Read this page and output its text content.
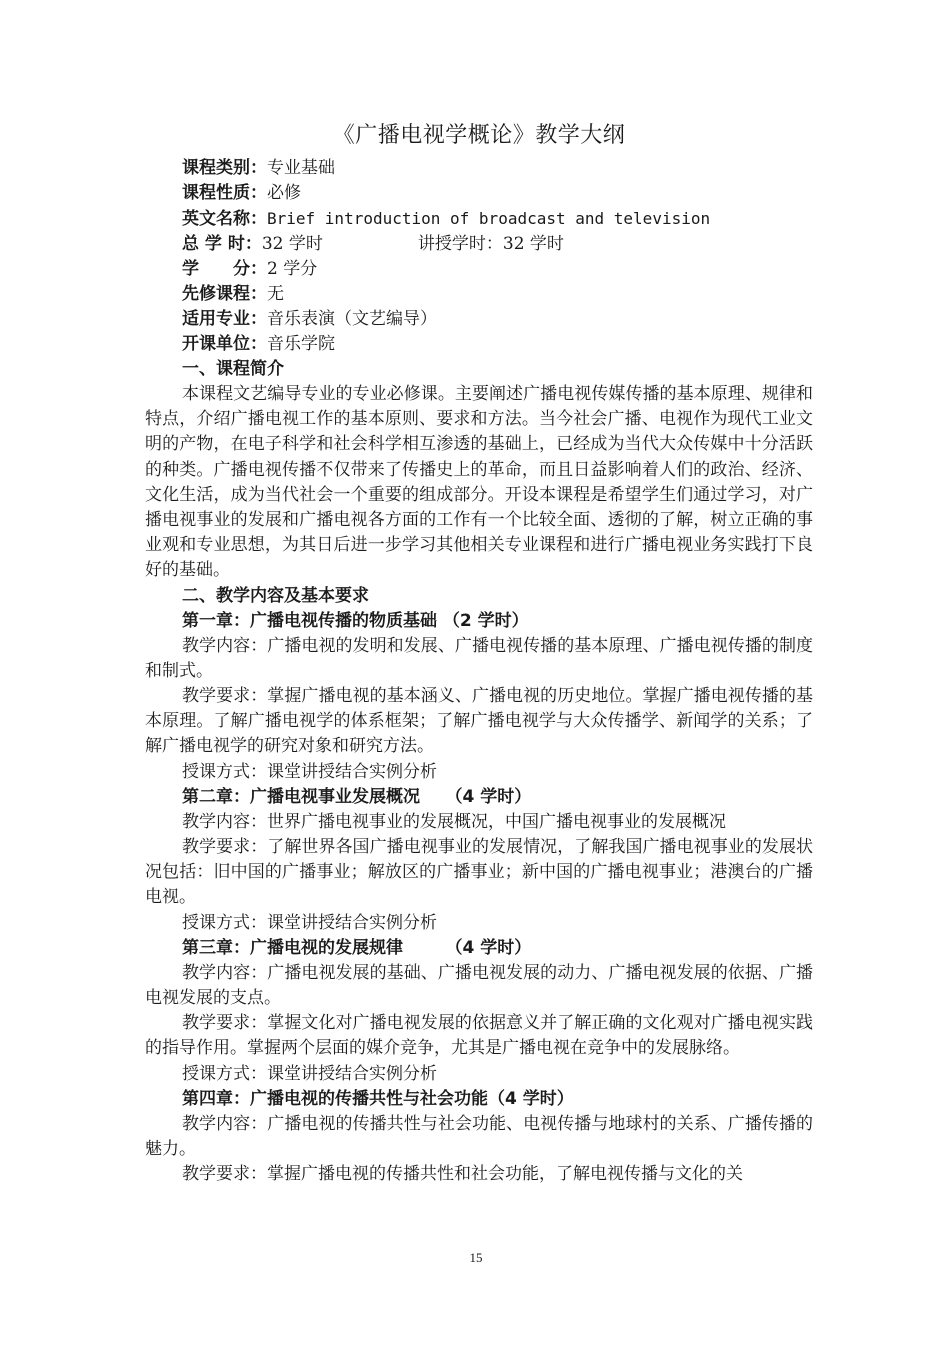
《广播电视学概论》教学大纲
课程类别：专业基础
课程性质：必修
英文名称：Brief introduction of broadcast and television
总 学 时：32 学时	讲授学时：32 学时
学　　分：2 学分
先修课程：无
适用专业：音乐表演（文艺编导）
开课单位：音乐学院
一、课程简介

本课程文艺编导专业的专业必修课。主要阐述广播电视传媒传播的基本原理、规律和特点，介绍广播电视工作的基本原则、要求和方法。当今社会广播、电视作为现代工业文明的产物，在电子科学和社会科学相互渗透的基础上，已经成为当代大众传媒中十分活跃的种类。广播电视传播不仅带来了传播史上的革命，而且日益影响着人们的政治、经济、文化生活，成为当代社会一个重要的组成部分。开设本课程是希望学生们通过学习，对广播电视事业的发展和广播电视各方面的工作有一个比较全面、透彻的了解，树立正确的事业观和专业思想，为其日后进一步学习其他相关专业课程和进行广播电视业务实践打下良好的基础。

二、教学内容及基本要求
第一章：广播电视传播的物质基础 （2 学时）

教学内容：广播电视的发明和发展、广播电视传播的基本原理、广播电视传播的制度和制式。

教学要求：掌握广播电视的基本涵义、广播电视的历史地位。掌握广播电视传播的基本原理。了解广播电视学的体系框架；了解广播电视学与大众传播学、新闻学的关系；了解广播电视学的研究对象和研究方法。

授课方式：课堂讲授结合实例分析

第二章：广播电视事业发展概况　　（4 学时）

教学内容：世界广播电视事业的发展概况，中国广播电视事业的发展概况

教学要求：了解世界各国广播电视事业的发展情况，了解我国广播电视事业的发展状况包括：旧中国的广播事业；解放区的广播事业；新中国的广播电视事业；港澳台的广播电视。

授课方式：课堂讲授结合实例分析

第三章：广播电视的发展规律　　　（4 学时）

教学内容：广播电视发展的基础、广播电视发展的动力、广播电视发展的依据、广播电视发展的支点。

教学要求：掌握文化对广播电视发展的依据意义并了解正确的文化观对广播电视实践的指导作用。掌握两个层面的媒介竞争，尤其是广播电视在竞争中的发展脉络。

授课方式：课堂讲授结合实例分析

第四章：广播电视的传播共性与社会功能（4 学时）

教学内容：广播电视的传播共性与社会功能、电视传播与地球村的关系、广播传播的魅力。

教学要求：掌握广播电视的传播共性和社会功能，了解电视传播与文化的关

15
